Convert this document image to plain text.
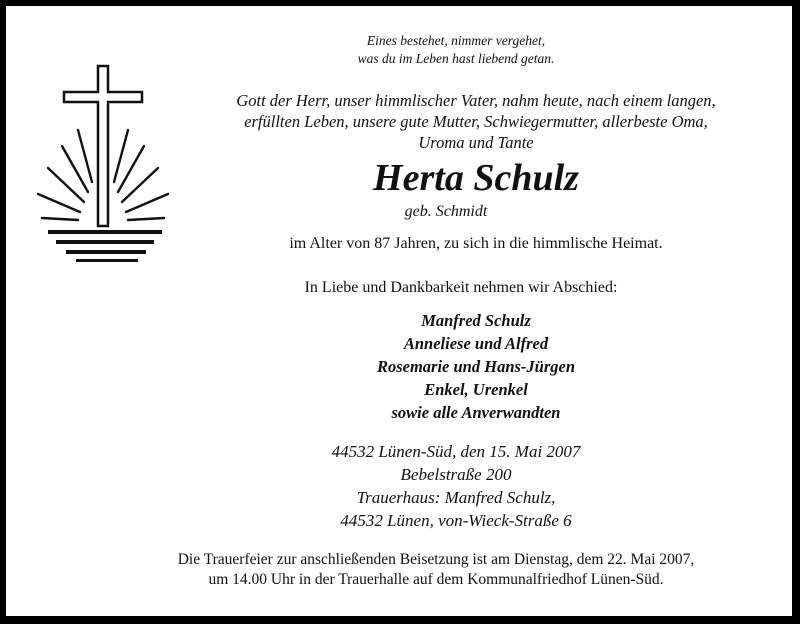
Eines bestehet, nimmer vergehet,
was du im Leben hast liebend getan.
Gott der Herr, unser himmlischer Vater, nahm heute, nach einem langen,
erfüllten Leben, unsere gute Mutter, Schwiegermutter, allerbeste Oma,
Uroma und Tante
Herta Schulz
geb. Schmidt
im Alter von 87 Jahren, zu sich in die himmlische Heimat.
In Liebe und Dankbarkeit nehmen wir Abschied:
Manfred Schulz
Anneliese und Alfred
Rosemarie und Hans-Jürgen
Enkel, Urenkel
sowie alle Anverwandten
44532 Lünen-Süd, den 15. Mai 2007
Bebelstraße 200
Trauerhaus: Manfred Schulz,
44532 Lünen, von-Wieck-Straße 6
Die Trauerfeier zur anschließenden Beisetzung ist am Dienstag, dem 22. Mai 2007,
um 14.00 Uhr in der Trauerhalle auf dem Kommunalfriedhof Lünen-Süd.
